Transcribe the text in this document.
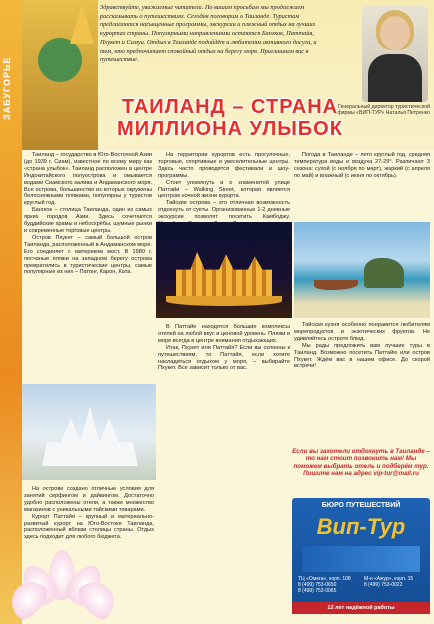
ЗАБУГОРЬЕ
Здравствуйте, уважаемые читатели. По вашим просьбам мы продолжаем рассказывать о путешествиях. Сегодня поговорим о Таиланде. Туристам предлагаются насыщенные программы, экскурсии и пляжный отдых на лучших курортах страны. Популярными направлениями остаются Бангкок, Паттайя, Пхукет и Самуи. Отдых в Таиланде подойдёт и любителям активного досуга, и тем, кто предпочитает спокойный отдых на берегу моря. Приглашаем вас в путешествие.
Генеральный директор туристической фирмы «ВИП-ТУР» Наталья Петренко
ТАИЛАНД – СТРАНА
МИЛЛИОНА УЛЫБОК

Таиланд – государство в Юго-Восточной Азии (до 1939 г. Сиам), известное по всему миру как «страна улыбок». Таиланд расположен в центре Индокитайского полуострова и омывается водами Сиамского залива и Андаманского моря. Все острова, большинство из которых окружены белоснежными пляжами, популярны у туристов круглый год.

Бангкок – столица Таиланда, один из самых ярких городов Азии. Здесь сочетаются буддийские храмы и небоскрёбы, шумные рынки и современные торговые центры.

Остров Пхукет – самый большой остров Таиланда, расположенный в Андаманском море. Его соединяет с материком мост. В 1980 г. песчаные пляжи на западном берегу острова превратились в туристические центры, самые популярные из них – Патонг, Карон, Ката.

На острове создано отличные условия для занятий серфингом и дайвингом. Достаточно удобно расположены отели, а также множество магазинов с уникальными тайскими товарами.

Курорт Паттайя – крупный и материально-развитый курорт на Юго-Востоке Таиланда, расположенный вблизи столицы страны. Отдых здесь подходит для любого бюджета.

На территории курортов есть прогулочные, торговые, спортивные и увеселительные центры. Здесь часто проводятся фестивали и шоу-программы.

Стоит упомянуть и о знаменитой улице Паттайи – Walking Street, которая является центром ночной жизни курорта.

Тайские острова – это отличная возможность отдохнуть от суеты. Организованные 1-2 дневные экскурсии позволят посетить Камбоджу,

В Паттайе находятся большие комплексы отелей на любой вкус и ценовой уровень. Пляжи и море всегда в центре внимания отдыхающих.

Итак, Пхукет или Паттайя? Если вы склонны к путешествиям, то Паттайя, если хотите насладиться отдыхом у моря, – выбирайте Пхукет. Все зависит только от вас.

Погода в Таиланде – лето круглый год, средняя температура воды и воздуха 27-29°. Различают 3 сезона: сухой (с ноября по март), жаркий (с апреля по май) и влажный (с июня по октябрь).

Тайская кухня особенно понравится любителям морепродуктов и экзотических фруктов. Не удивляйтесь остроте блюд.

Мы рады предложить вам лучшие туры в Таиланд. Возможно посетить Паттайю или остров Пхукет. Ждём вас в нашем офисе. До скорой встречи!

Если вы захотели отдохнуть в Таиланде – то нам стоит позвонить нам! Мы поможем выбрать отель и подберём тур. Пишите нам на адрес vip-tur@mail.ru
БЮРО ПУТЕШЕСТВИЙ
Вип-Тур
ТЦ «Омега», корп. 108
8 (499) 753-0650
8 (499) 753-0065
М-н «Ажур», корп. 15
8 (499) 753-0022
12 лет надёжной работы
